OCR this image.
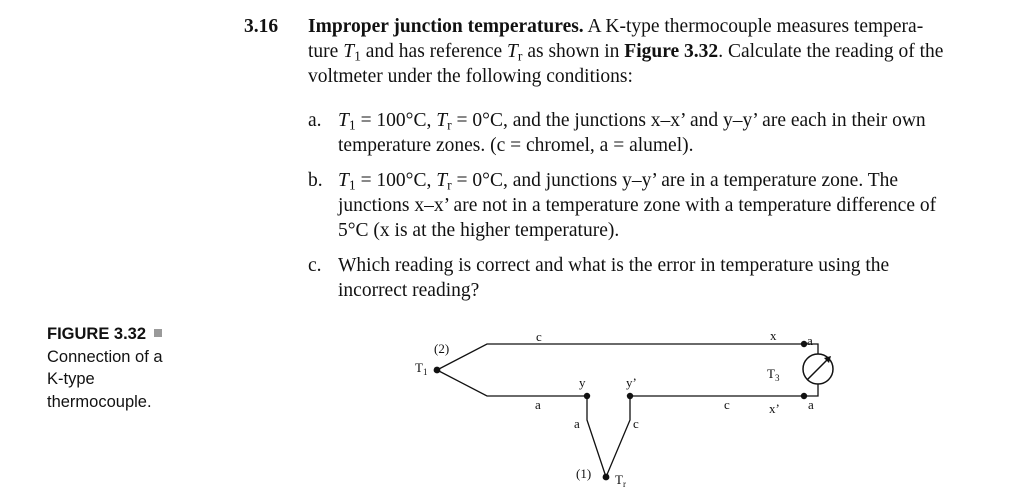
3.16 Improper junction temperatures. A K-type thermocouple measures tempera-
ture $T_1$ and has reference $T_r$ as shown in Figure 3.32. Calculate the reading of the
voltmeter under the following conditions:
a. $T_1 = 100^\circ C$, $T_r = 0^\circ C$, and the junctions x–x’ and y–y’ are each in their own
temperature zones. (c = chromel, a = alumel).
b. $T_1 = 100^\circ C$, $T_r = 0^\circ C$, and junctions y–y’ are in a temperature zone. The
junctions x–x’ are not in a temperature zone with a temperature difference of
5°C (x is at the higher temperature).
c. Which reading is correct and what is the error in temperature using the
incorrect reading?
FIGURE 3.32
Connection of a
K-type
thermocouple.
(2)
$T_1$
c	x a
$T_3$
y	y’
a	c	x’ a
a	c
(1) $T_r$
